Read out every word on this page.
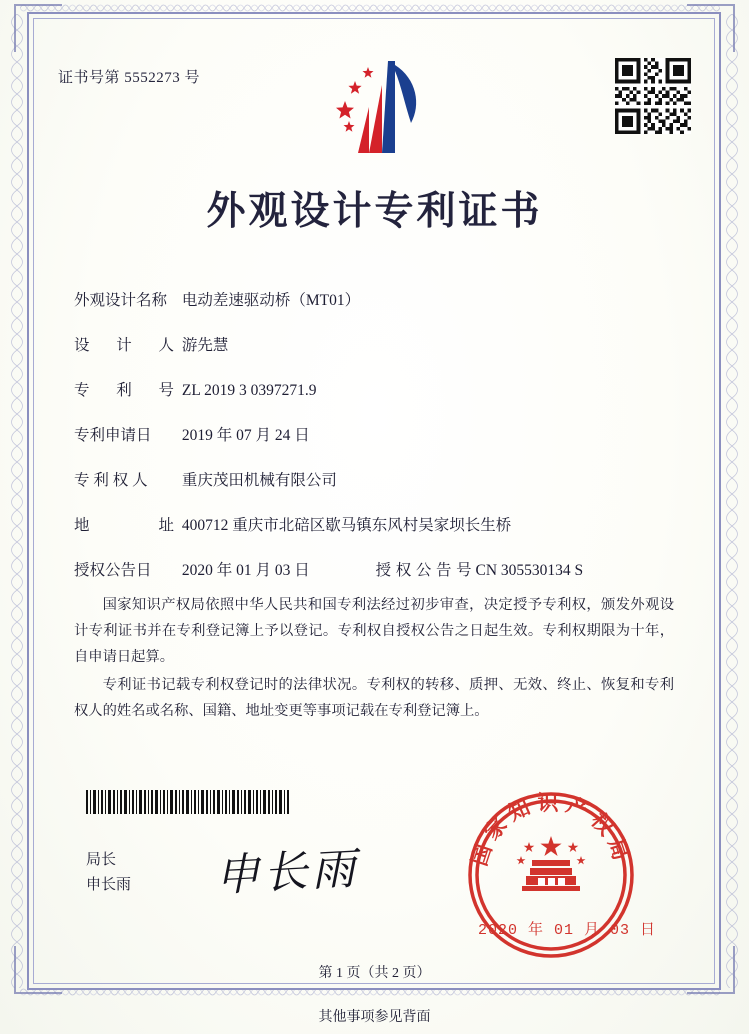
证书号第 5552273 号
外观设计专利证书
外观设计名称 电动差速驱动桥（MT01）
设 计 人 游先慧
专 利 号 ZL 2019 3 0397271.9
专利申请日 2019 年 07 月 24 日
专 利 权 人 重庆茂田机械有限公司
地 址 400712 重庆市北碚区歇马镇东风村吴家坝长生桥
授权公告日 2020 年 01 月 03 日	授权公告号 CN 305530134 S

国家知识产权局依照中华人民共和国专利法经过初步审查，决定授予专利权，颁发外观设计专利证书并在专利登记簿上予以登记。专利权自授权公告之日起生效。专利权期限为十年，自申请日起算。

专利证书记载专利权登记时的法律状况。专利权的转移、质押、无效、终止、恢复和专利权人的姓名或名称、国籍、地址变更等事项记载在专利登记簿上。

局长
申长雨 申长雨	国家知识产权局
2020 年 01 月 03 日
第 1 页（共 2 页）
其他事项参见背面
